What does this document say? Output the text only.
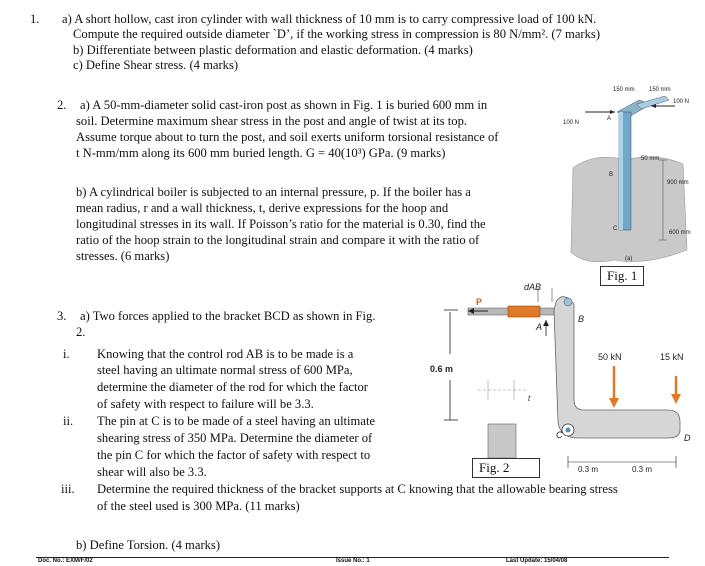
1. a) A short hollow, cast iron cylinder with wall thickness of 10 mm is to carry compressive load of 100 kN.
Compute the required outside diameter `D’, if the working stress in compression is 80 N/mm². (7 marks)
b) Differentiate between plastic deformation and elastic deformation. (4 marks)
c) Define Shear stress. (4 marks)
2. a) A 50-mm-diameter solid cast-iron post as shown in Fig. 1 is buried 600 mm in
soil. Determine maximum shear stress in the post and angle of twist at its top.
Assume torque about to turn the post, and soil exerts uniform torsional resistance of
t N-mm/mm along its 600 mm buried length. G = 40(10³) GPa. (9 marks)
b) A cylindrical boiler is subjected to an internal pressure, p. If the boiler has a
mean radius, r and a wall thickness, t, derive expressions for the hoop and
longitudinal stresses in its wall. If Poisson’s ratio for the material is 0.30, find the
ratio of the hoop strain to the longitudinal strain and compare it with the ratio of
stresses. (6 marks)
150 mm 150 mm
100 N
100 N
50 mm
900 mm
600 mm
A
B
C
(a)
Fig. 1
3. a) Two forces applied to the bracket BCD as shown in Fig.
2.
i. Knowing that the control rod AB is to be made is a
steel having an ultimate normal stress of 600 MPa,
determine the diameter of the rod for which the factor
of safety with respect to failure will be 3.3.
ii. The pin at C is to be made of a steel having an ultimate
shearing stress of 350 MPa. Determine the diameter of
the pin C for which the factor of safety with respect to
shear will also be 3.3.
iii. Determine the required thickness of the bracket supports at C knowing that the allowable bearing stress
of the steel used is 300 MPa. (11 marks)
b) Define Torsion. (4 marks)
dAB
P
A
B
C	D
0.6 m
50 kN	15 kN
0.3 m	0.3 m
t
Fig. 2
Doc. No.: EXM/F/02	Issue No.: 1	Last Update: 15/04/08
